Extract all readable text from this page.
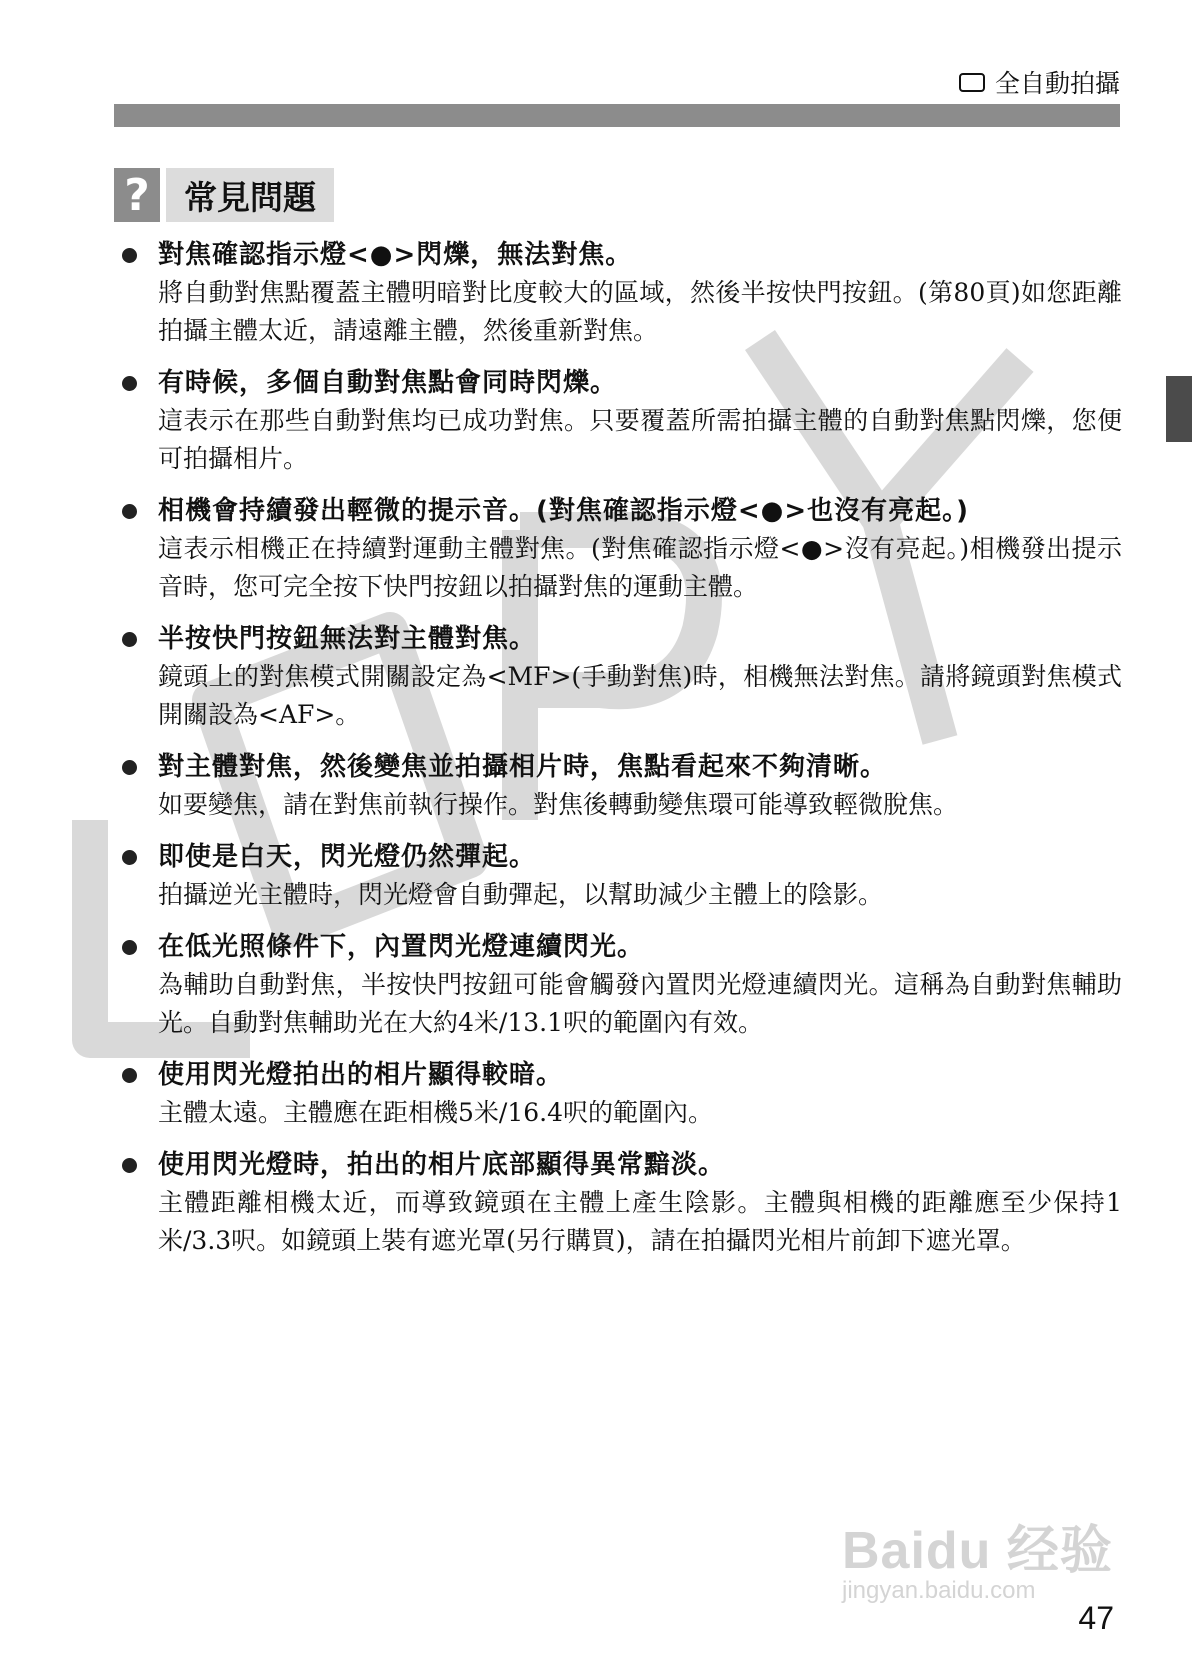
全自動拍攝
?	常見問題
對焦確認指示燈<●>閃爍，無法對焦。
將自動對焦點覆蓋主體明暗對比度較大的區域，然後半按快門按鈕。(第80頁)如您距離拍攝主體太近，請遠離主體，然後重新對焦。
有時候，多個自動對焦點會同時閃爍。
這表示在那些自動對焦均已成功對焦。只要覆蓋所需拍攝主體的自動對焦點閃爍，您便可拍攝相片。
相機會持續發出輕微的提示音。(對焦確認指示燈<●>也沒有亮起。)
這表示相機正在持續對運動主體對焦。(對焦確認指示燈<●>沒有亮起。)相機發出提示音時，您可完全按下快門按鈕以拍攝對焦的運動主體。
半按快門按鈕無法對主體對焦。
鏡頭上的對焦模式開關設定為<MF>(手動對焦)時，相機無法對焦。請將鏡頭對焦模式開關設為<AF>。
對主體對焦，然後變焦並拍攝相片時，焦點看起來不夠清晰。
如要變焦，請在對焦前執行操作。對焦後轉動變焦環可能導致輕微脫焦。
即使是白天，閃光燈仍然彈起。
拍攝逆光主體時，閃光燈會自動彈起，以幫助減少主體上的陰影。
在低光照條件下，內置閃光燈連續閃光。
為輔助自動對焦，半按快門按鈕可能會觸發內置閃光燈連續閃光。這稱為自動對焦輔助光。自動對焦輔助光在大約4米/13.1呎的範圍內有效。
使用閃光燈拍出的相片顯得較暗。
主體太遠。主體應在距相機5米/16.4呎的範圍內。
使用閃光燈時，拍出的相片底部顯得異常黯淡。
主體距離相機太近，而導致鏡頭在主體上產生陰影。主體與相機的距離應至少保持1米/3.3呎。如鏡頭上裝有遮光罩(另行購買)，請在拍攝閃光相片前卸下遮光罩。
Baidu 经验
jingyan.baidu.com
47
